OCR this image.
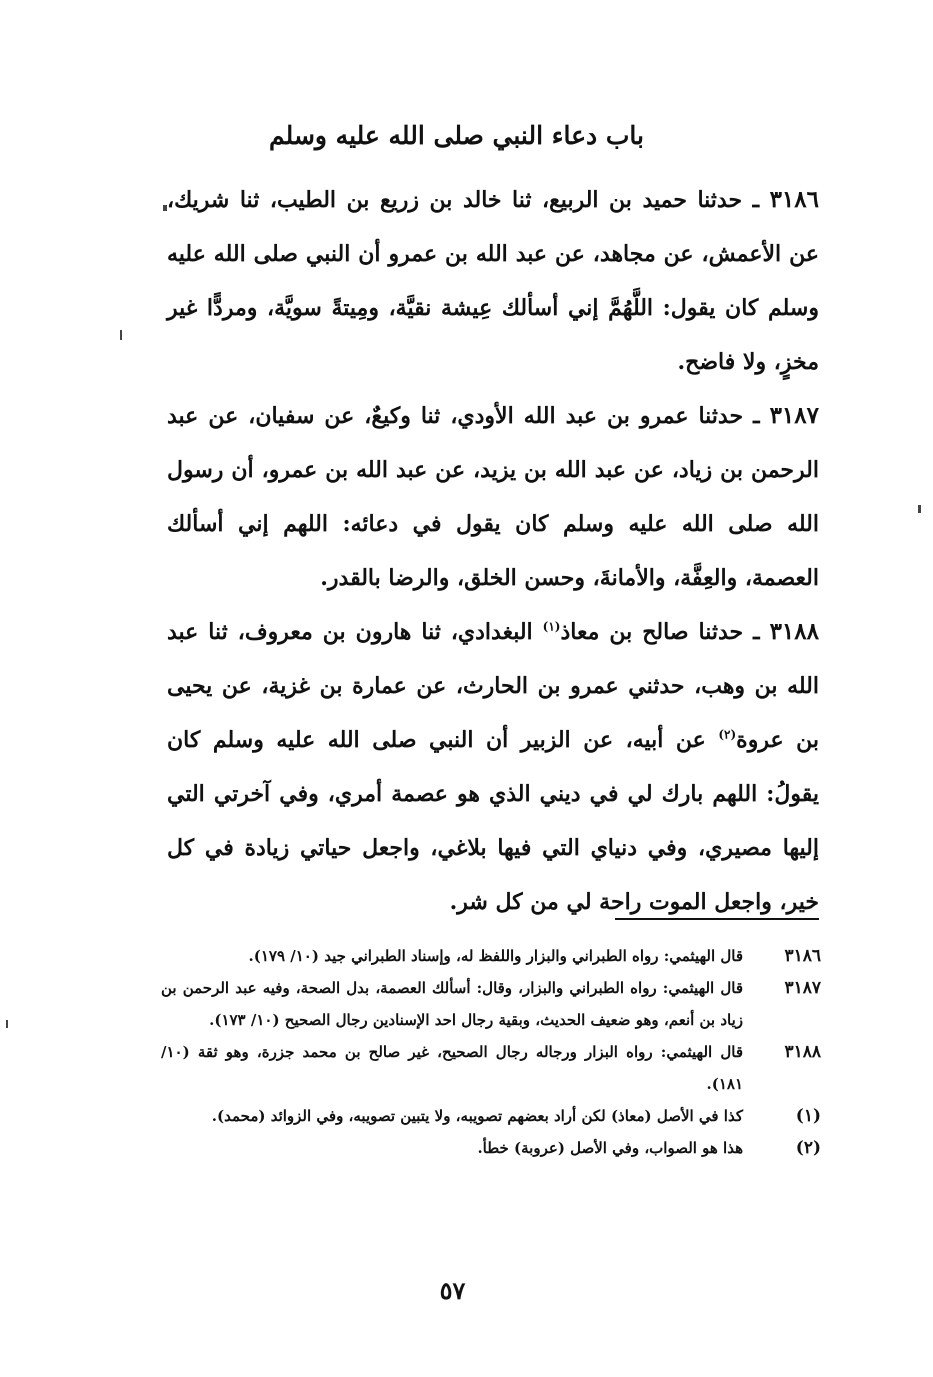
باب دعاء النبي صلى الله عليه وسلم
٣١٨٦ ـ حدثنا حميد بن الربيع، ثنا خالد بن زريع بن الطيب، ثنا شريك، عن الأعمش، عن مجاهد، عن عبد الله بن عمرو أن النبي صلى الله عليه وسلم كان يقول: اللَّهُمَّ إني أسألك عِيشة نقيَّة، ومِيتةً سويَّة، ومردًّا غير مخزٍ، ولا فاضح.
٣١٨٧ ـ حدثنا عمرو بن عبد الله الأودي، ثنا وكيعٌ، عن سفيان، عن عبد الرحمن بن زياد، عن عبد الله بن يزيد، عن عبد الله بن عمرو، أن رسول الله صلى الله عليه وسلم كان يقول في دعائه: اللهم إني أسألك العصمة، والعِفَّة، والأمانةَ، وحسن الخلق، والرضا بالقدر.
٣١٨٨ ـ حدثنا صالح بن معاذ$^{(١)}$ البغدادي، ثنا هارون بن معروف، ثنا عبد الله بن وهب، حدثني عمرو بن الحارث، عن عمارة بن غزية، عن يحيى بن عروة$^{(٢)}$ عن أبيه، عن الزبير أن النبي صلى الله عليه وسلم كان يقولُ: اللهم بارك لي في ديني الذي هو عصمة أمري، وفي آخرتي التي إليها مصيري، وفي دنياي التي فيها بلاغي، واجعل حياتي زيادة في كل خير، واجعل الموت راحة لي من كل شر.
٣١٨٦
قال الهيثمي: رواه الطبراني والبزار واللفظ له، وإسناد الطبراني جيد (١٠/ ١٧٩).
٣١٨٧
قال الهيثمي: رواه الطبراني والبزار، وقال: أسألك العصمة، بدل الصحة، وفيه عبد الرحمن بن زياد بن أنعم، وهو ضعيف الحديث، وبقية رجال احد الإسنادين رجال الصحيح (١٠/ ١٧٣).
٣١٨٨
قال الهيثمي: رواه البزار ورجاله رجال الصحيح، غير صالح بن محمد جزرة، وهو ثقة (١٠/ ١٨١).
(١)
كذا في الأصل (معاذ) لكن أراد بعضهم تصويبه، ولا يتبين تصويبه، وفي الزوائد (محمد).
(٢)
هذا هو الصواب، وفي الأصل (عروبة) خطأ.
٥٧
